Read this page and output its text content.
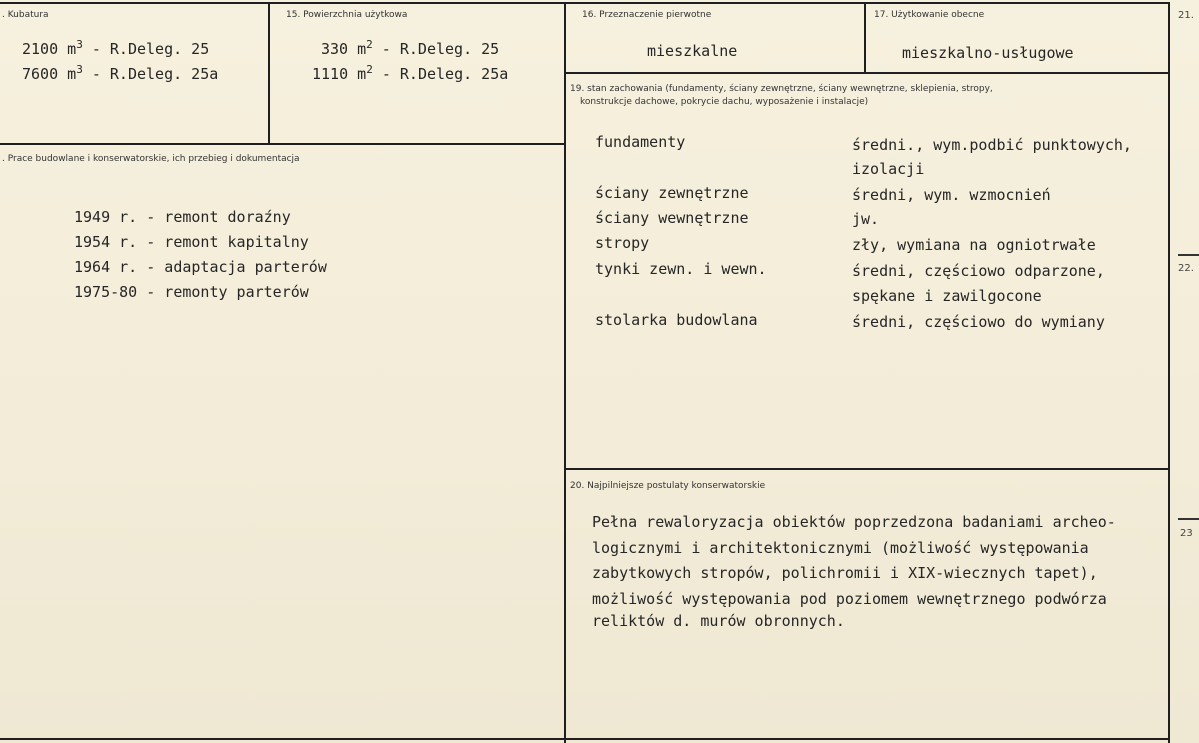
21.
22.
23
. Kubatura
2100 $m^3$ - R.Deleg. 25
7600 $m^3$ - R.Deleg. 25a
15. Powierzchnia użytkowa
330 $m^2$ - R.Deleg. 25
1110 $m^2$ - R.Deleg. 25a
16. Przeznaczenie pierwotne
mieszkalne
17. Użytkowanie obecne
mieszkalno-usługowe
. Prace budowlane i konserwatorskie, ich przebieg i dokumentacja
1949 r. - remont doraźny
1954 r. - remont kapitalny
1964 r. - adaptacja parterów
1975-80 - remonty parterów
19. stan zachowania (fundamenty, ściany zewnętrzne, ściany wewnętrzne, sklepienia, stropy,
konstrukcje dachowe, pokrycie dachu, wyposażenie i instalacje)
fundamenty	średni., wym.podbić punktowych,
izolacji
ściany zewnętrzne	średni, wym. wzmocnień
ściany wewnętrzne	jw.
stropy	zły, wymiana na ogniotrwałe
tynki zewn. i wewn.	średni, częściowo odparzone,
spękane i zawilgocone
stolarka budowlana	średni, częściowo do wymiany
20. Najpilniejsze postulaty konserwatorskie
Pełna rewaloryzacja obiektów poprzedzona badaniami archeo-
logicznymi i architektonicznymi (możliwość występowania
zabytkowych stropów, polichromii i XIX-wiecznych tapet),
możliwość występowania pod poziomem wewnętrznego podwórza
reliktów d. murów obronnych.
